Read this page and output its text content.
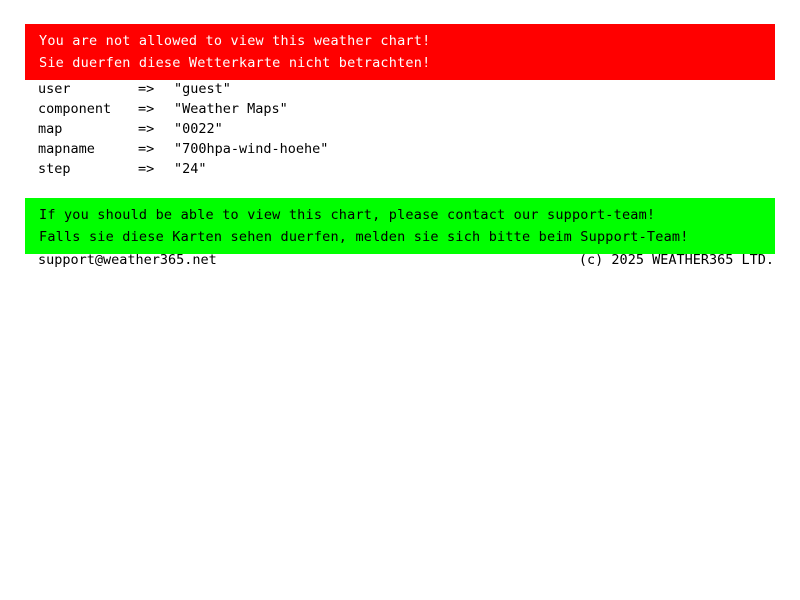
You are not allowed to view this weather chart!
Sie duerfen diese Wetterkarte nicht betrachten!
user	=>	"guest"
component	=>	"Weather Maps"
map	=>	"0022"
mapname	=>	"700hpa-wind-hoehe"
step	=>	"24"
If you should be able to view this chart, please contact our support-team!
Falls sie diese Karten sehen duerfen, melden sie sich bitte beim Support-Team!
support@weather365.net	(c) 2025 WEATHER365 LTD.
